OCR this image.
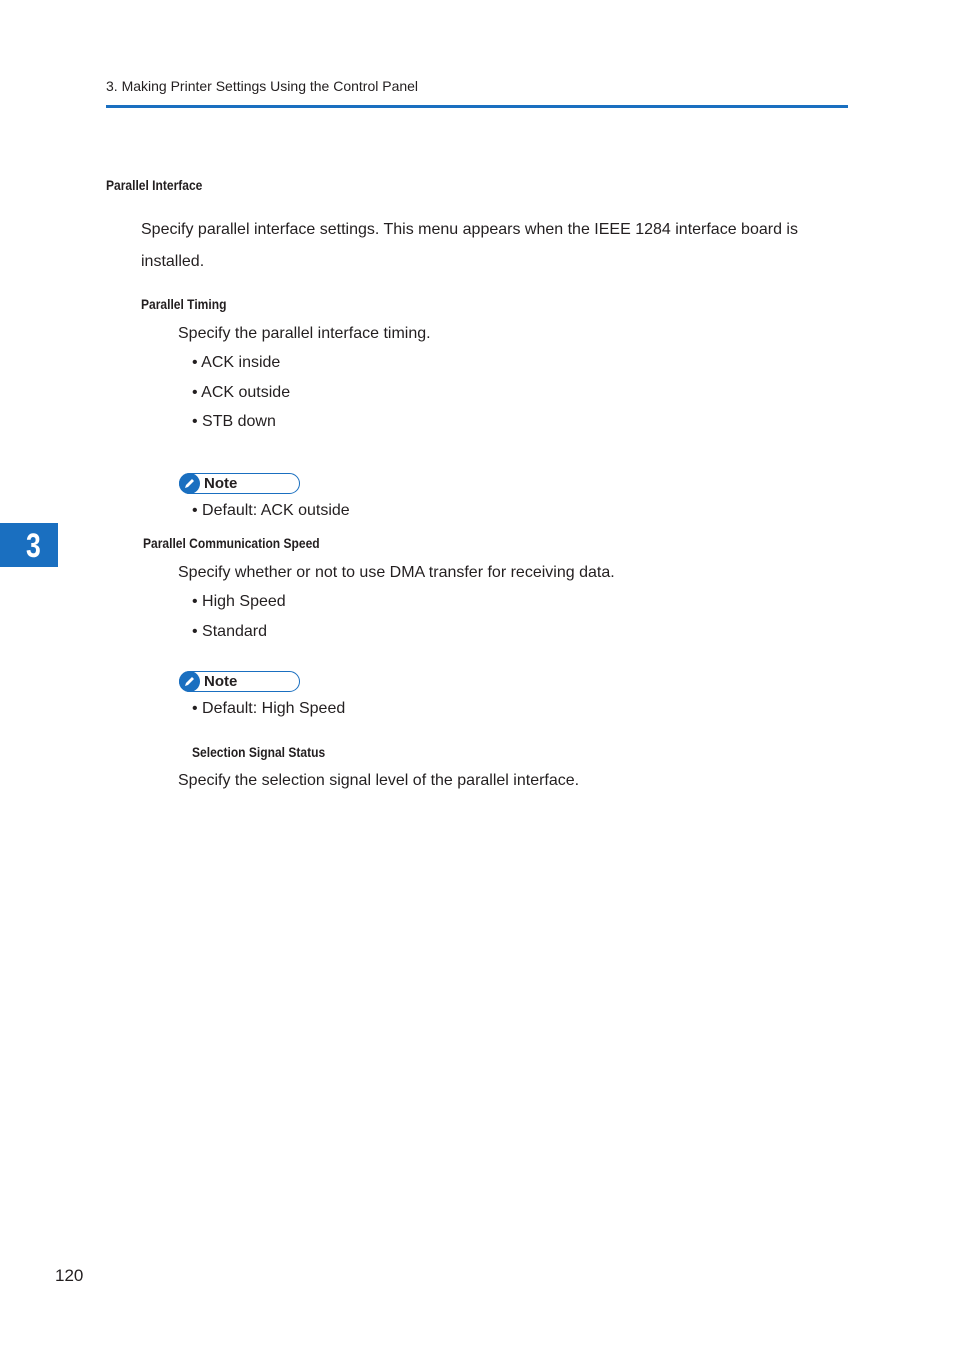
3. Making Printer Settings Using the Control Panel
3
Parallel Interface
Specify parallel interface settings. This menu appears when the IEEE 1284 interface board is installed.
Parallel Timing
Specify the parallel interface timing.
• ACK inside
• ACK outside
• STB down
Note
• Default: ACK outside
Parallel Communication Speed
Specify whether or not to use DMA transfer for receiving data.
• High Speed
• Standard
Note
• Default: High Speed
Selection Signal Status
Specify the selection signal level of the parallel interface.
120
